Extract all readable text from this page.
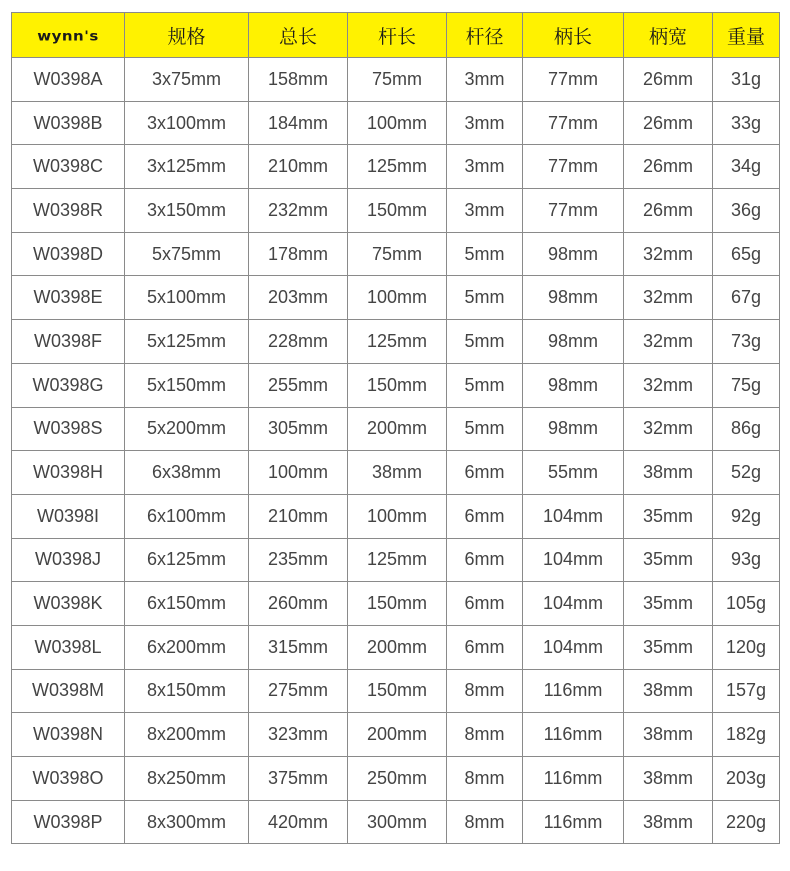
wynn's	规格	总长	杆长	杆径	柄长	柄宽	重量
W0398A	3x75mm	158mm	75mm	3mm	77mm	26mm	31g
W0398B	3x100mm	184mm	100mm	3mm	77mm	26mm	33g
W0398C	3x125mm	210mm	125mm	3mm	77mm	26mm	34g
W0398R	3x150mm	232mm	150mm	3mm	77mm	26mm	36g
W0398D	5x75mm	178mm	75mm	5mm	98mm	32mm	65g
W0398E	5x100mm	203mm	100mm	5mm	98mm	32mm	67g
W0398F	5x125mm	228mm	125mm	5mm	98mm	32mm	73g
W0398G	5x150mm	255mm	150mm	5mm	98mm	32mm	75g
W0398S	5x200mm	305mm	200mm	5mm	98mm	32mm	86g
W0398H	6x38mm	100mm	38mm	6mm	55mm	38mm	52g
W0398I	6x100mm	210mm	100mm	6mm	104mm	35mm	92g
W0398J	6x125mm	235mm	125mm	6mm	104mm	35mm	93g
W0398K	6x150mm	260mm	150mm	6mm	104mm	35mm	105g
W0398L	6x200mm	315mm	200mm	6mm	104mm	35mm	120g
W0398M	8x150mm	275mm	150mm	8mm	116mm	38mm	157g
W0398N	8x200mm	323mm	200mm	8mm	116mm	38mm	182g
W0398O	8x250mm	375mm	250mm	8mm	116mm	38mm	203g
W0398P	8x300mm	420mm	300mm	8mm	116mm	38mm	220g
